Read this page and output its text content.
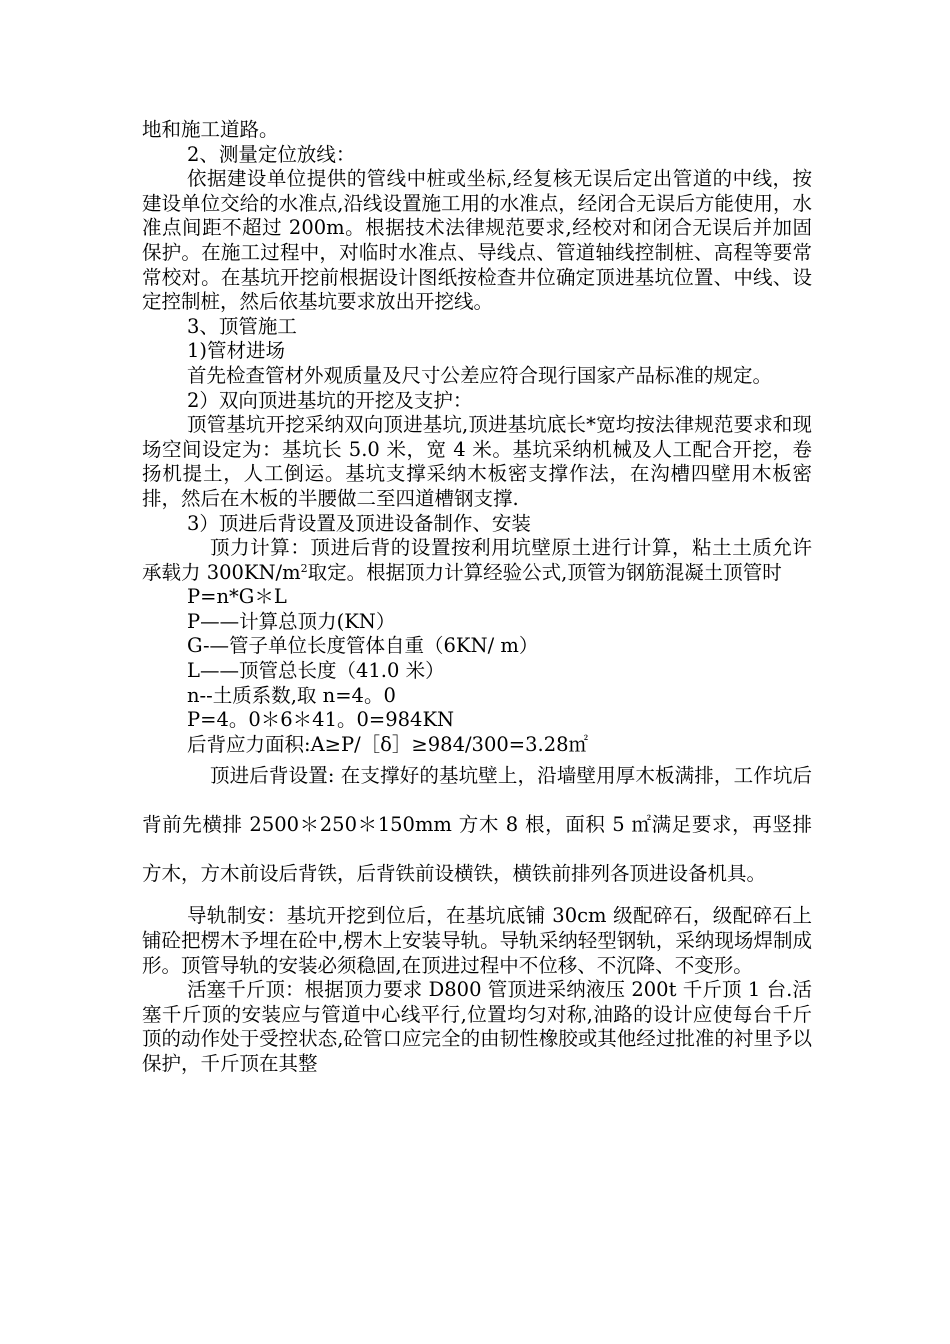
地和施工道路。

2、测量定位放线：

依据建设单位提供的管线中桩或坐标,经复核无误后定出管道的中线，按建设单位交给的水准点,沿线设置施工用的水准点，经闭合无误后方能使用，水准点间距不超过 200m。根据技术法律规范要求,经校对和闭合无误后并加固保护。在施工过程中，对临时水准点、导线点、管道轴线控制桩、高程等要常常校对。在基坑开挖前根据设计图纸按检查井位确定顶进基坑位置、中线、设定控制桩，然后依基坑要求放出开挖线。

3、顶管施工

1)管材进场

首先检查管材外观质量及尺寸公差应符合现行国家产品标准的规定。

2）双向顶进基坑的开挖及支护：

顶管基坑开挖采纳双向顶进基坑,顶进基坑底长*宽均按法律规范要求和现场空间设定为：基坑长 5.0 米，宽 4 米。基坑采纳机械及人工配合开挖，卷扬机提土，人工倒运。基坑支撑采纳木板密支撑作法，在沟槽四壁用木板密排，然后在木板的半腰做二至四道槽钢支撑.

3）顶进后背设置及顶进设备制作、安装

顶力计算：顶进后背的设置按利用坑壁原土进行计算，粘土土质允许承载力 $300KN/m^2$取定。根据顶力计算经验公式,顶管为钢筋混凝土顶管时

P=n*G＊L

P——计算总顶力(KN）

G-—管子单位长度管体自重（6KN/ m）

L——顶管总长度（41.0 米）

n--土质系数,取 n=4。0

P=4。0＊6＊41。0=984KN

后背应力面积:A≥P/［δ］≥984/300=3.28㎡

顶进后背设置: 在支撑好的基坑壁上，沿墙壁用厚木板满排，工作坑后背前先横排 2500＊250＊150mm 方木 8 根，面积 5 ㎡满足要求，再竖排方木，方木前设后背铁，后背铁前设横铁，横铁前排列各顶进设备机具。

导轨制安：基坑开挖到位后，在基坑底铺 30cm 级配碎石，级配碎石上铺砼把楞木予埋在砼中,楞木上安装导轨。导轨采纳轻型钢轨，采纳现场焊制成形。顶管导轨的安装必须稳固,在顶进过程中不位移、不沉降、不变形。

活塞千斤顶：根据顶力要求 D800 管顶进采纳液压 200t 千斤顶 1 台.活塞千斤顶的安装应与管道中心线平行,位置均匀对称,油路的设计应使每台千斤顶的动作处于受控状态,砼管口应完全的由韧性橡胶或其他经过批准的衬里予以保护，千斤顶在其整
